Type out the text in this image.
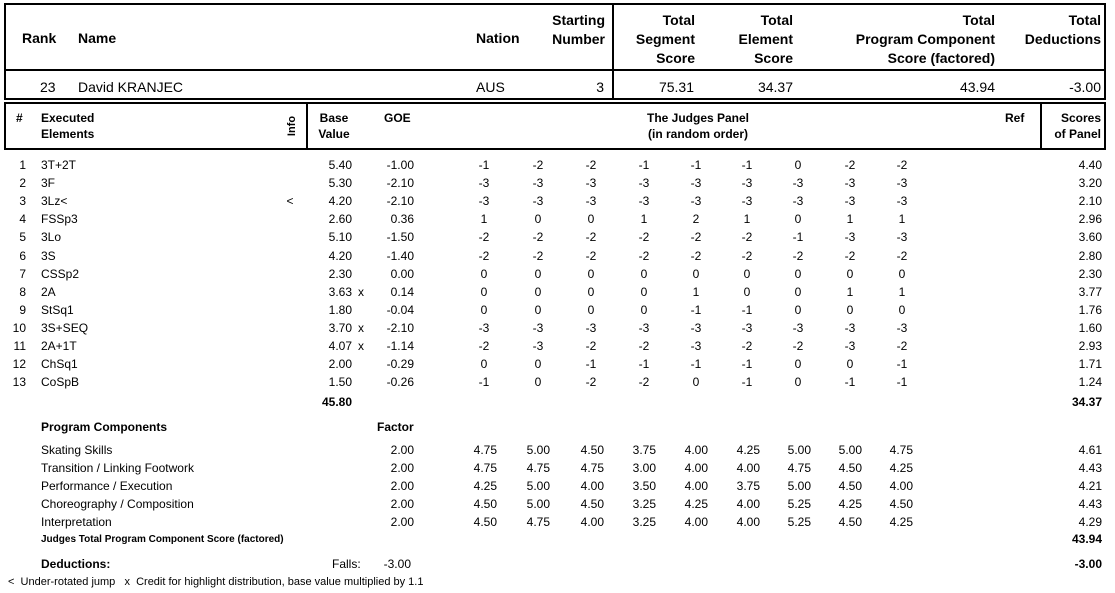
Rank Name	Nation
Starting
Number
Total
Segment
Score
Total
Element
Score
Total
Program Component
Score (factored)
Total
Deductions
23 David KRANJEC	AUS	3	75.31	34.37	43.94	-3.00
# Executed
Elements	Info	Base
Value
GOE	The Judges Panel
(in random order)
Ref	Scores
of Panel
1 3T+2T	5.40	-1.00	-1	-2	-2	-1	-1	-1	0	-2	-2	4.40
2 3F	5.30	-2.10	-3	-3	-3	-3	-3	-3	-3	-3	-3	3.20
3 3Lz<	<	4.20	-2.10	-3	-3	-3	-3	-3	-3	-3	-3	-3	2.10
4 FSSp3	2.60	0.36	1	0	0	1	2	1	0	1	1	2.96
5 3Lo	5.10	-1.50	-2	-2	-2	-2	-2	-2	-1	-3	-3	3.60
6 3S	4.20	-1.40	-2	-2	-2	-2	-2	-2	-2	-2	-2	2.80
7 CSSp2	2.30	0.00	0	0	0	0	0	0	0	0	0	2.30
8 2A	3.63 x	0.14	0	0	0	0	1	0	0	1	1	3.77
9 StSq1	1.80	-0.04	0	0	0	0	-1	-1	0	0	0	1.76
10 3S+SEQ	3.70 x	-2.10	-3	-3	-3	-3	-3	-3	-3	-3	-3	1.60
11 2A+1T	4.07 x	-1.14	-2	-3	-2	-2	-3	-2	-2	-3	-2	2.93
12 ChSq1	2.00	-0.29	0	0	-1	-1	-1	-1	0	0	-1	1.71
13 CoSpB	1.50	-0.26	-1	0	-2	-2	0	-1	0	-1	-1	1.24
45.80	34.37
Program Components	Factor
Skating Skills	2.00	4.75	5.00	4.50	3.75	4.00	4.25	5.00	5.00	4.75	4.61
Transition / Linking Footwork	2.00	4.75	4.75	4.75	3.00	4.00	4.00	4.75	4.50	4.25	4.43
Performance / Execution	2.00	4.25	5.00	4.00	3.50	4.00	3.75	5.00	4.50	4.00	4.21
Choreography / Composition	2.00	4.50	5.00	4.50	3.25	4.25	4.00	5.25	4.25	4.50	4.43
Interpretation	2.00	4.50	4.75	4.00	3.25	4.00	4.00	5.25	4.50	4.25	4.29
Judges Total Program Component Score (factored)	43.94
Deductions:	Falls:	-3.00	-3.00
<  Under-rotated jump   x  Credit for highlight distribution, base value multiplied by 1.1
